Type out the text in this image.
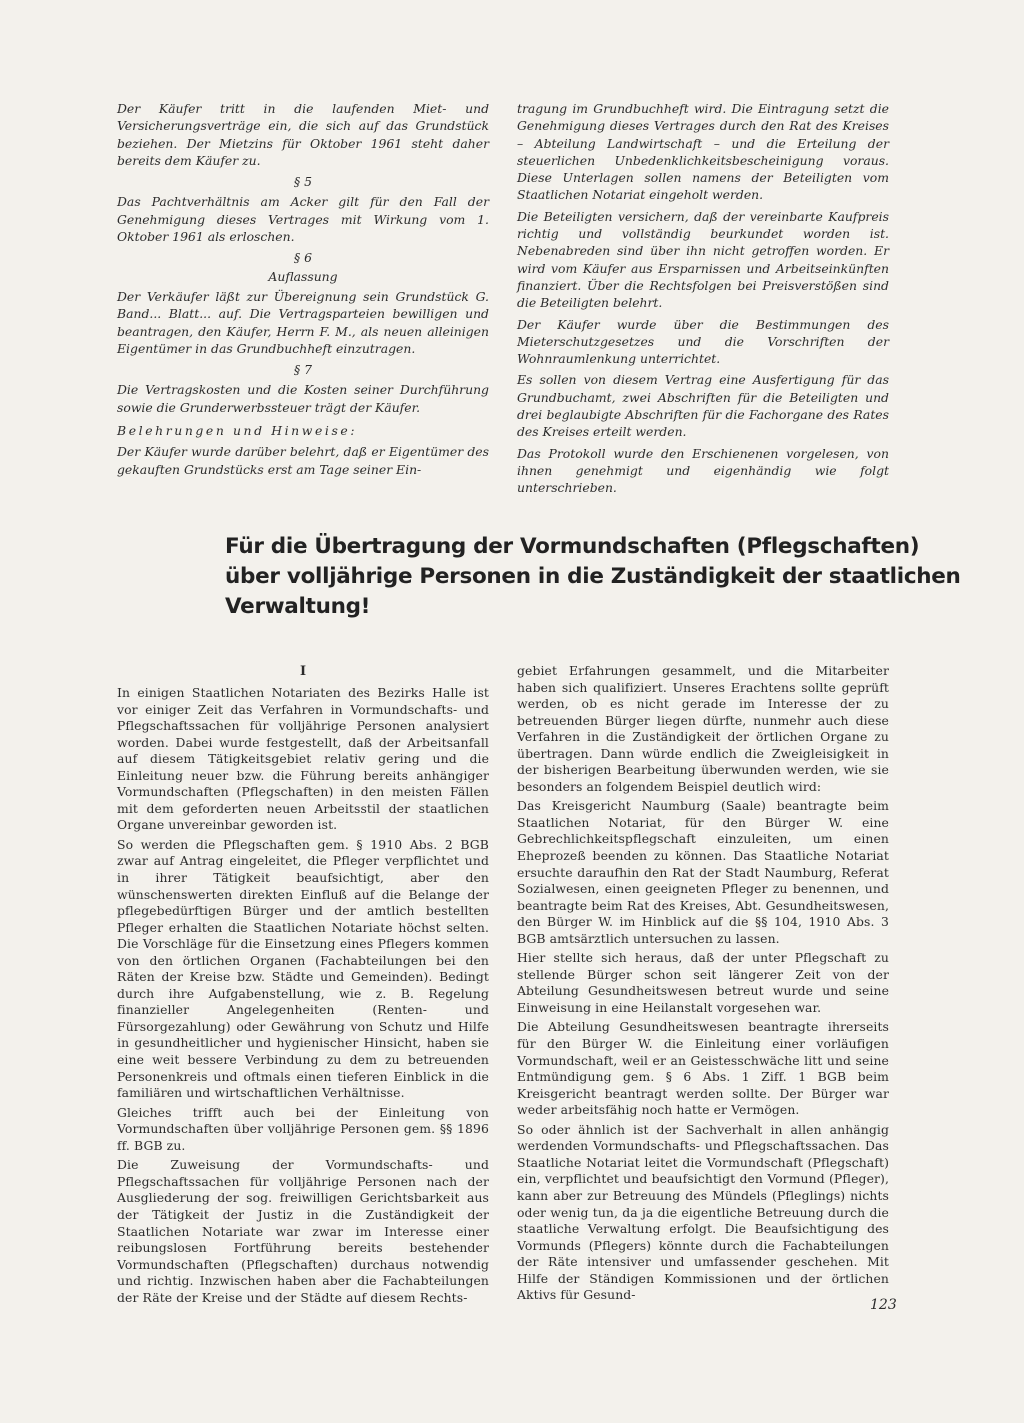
Der Käufer tritt in die laufenden Miet- und Versicherungsverträge ein, die sich auf das Grundstück beziehen. Der Mietzins für Oktober 1961 steht daher bereits dem Käufer zu.

§ 5

Das Pachtverhältnis am Acker gilt für den Fall der Genehmigung dieses Vertrages mit Wirkung vom 1. Oktober 1961 als erloschen.

§ 6

Auflassung

Der Verkäufer läßt zur Übereignung sein Grundstück G. Band... Blatt... auf. Die Vertragsparteien bewilligen und beantragen, den Käufer, Herrn F. M., als neuen alleinigen Eigentümer in das Grundbuchheft einzutragen.

§ 7

Die Vertragskosten und die Kosten seiner Durchführung sowie die Grunderwerbssteuer trägt der Käufer.

Belehrungen und Hinweise:

Der Käufer wurde darüber belehrt, daß er Eigentümer des gekauften Grundstücks erst am Tage seiner Ein-

tragung im Grundbuchheft wird. Die Eintragung setzt die Genehmigung dieses Vertrages durch den Rat des Kreises – Abteilung Landwirtschaft – und die Erteilung der steuerlichen Unbedenklichkeitsbescheinigung voraus. Diese Unterlagen sollen namens der Beteiligten vom Staatlichen Notariat eingeholt werden.

Die Beteiligten versichern, daß der vereinbarte Kaufpreis richtig und vollständig beurkundet worden ist. Nebenabreden sind über ihn nicht getroffen worden. Er wird vom Käufer aus Ersparnissen und Arbeitseinkünften finanziert. Über die Rechtsfolgen bei Preisverstößen sind die Beteiligten belehrt.

Der Käufer wurde über die Bestimmungen des Mieterschutzgesetzes und die Vorschriften der Wohnraumlenkung unterrichtet.

Es sollen von diesem Vertrag eine Ausfertigung für das Grundbuchamt, zwei Abschriften für die Beteiligten und drei beglaubigte Abschriften für die Fachorgane des Rates des Kreises erteilt werden.

Das Protokoll wurde den Erschienenen vorgelesen, von ihnen genehmigt und eigenhändig wie folgt unterschrieben.

Für die Übertragung der Vormundschaften (Pflegschaften) über volljährige Personen in die Zuständigkeit der staatlichen Verwaltung!
I

In einigen Staatlichen Notariaten des Bezirks Halle ist vor einiger Zeit das Verfahren in Vormundschafts- und Pflegschaftssachen für volljährige Personen analysiert worden. Dabei wurde festgestellt, daß der Arbeitsanfall auf diesem Tätigkeitsgebiet relativ gering und die Einleitung neuer bzw. die Führung bereits anhängiger Vormundschaften (Pflegschaften) in den meisten Fällen mit dem geforderten neuen Arbeitsstil der staatlichen Organe unvereinbar geworden ist.

So werden die Pflegschaften gem. § 1910 Abs. 2 BGB zwar auf Antrag eingeleitet, die Pfleger verpflichtet und in ihrer Tätigkeit beaufsichtigt, aber den wünschenswerten direkten Einfluß auf die Belange der pflegebedürftigen Bürger und der amtlich bestellten Pfleger erhalten die Staatlichen Notariate höchst selten. Die Vorschläge für die Einsetzung eines Pflegers kommen von den örtlichen Organen (Fachabteilungen bei den Räten der Kreise bzw. Städte und Gemeinden). Bedingt durch ihre Aufgabenstellung, wie z. B. Regelung finanzieller Angelegenheiten (Renten- und Fürsorgezahlung) oder Gewährung von Schutz und Hilfe in gesundheitlicher und hygienischer Hinsicht, haben sie eine weit bessere Verbindung zu dem zu betreuenden Personenkreis und oftmals einen tieferen Einblick in die familiären und wirtschaftlichen Verhältnisse.

Gleiches trifft auch bei der Einleitung von Vormundschaften über volljährige Personen gem. §§ 1896 ff. BGB zu.

Die Zuweisung der Vormundschafts- und Pflegschaftssachen für volljährige Personen nach der Ausgliederung der sog. freiwilligen Gerichtsbarkeit aus der Tätigkeit der Justiz in die Zuständigkeit der Staatlichen Notariate war zwar im Interesse einer reibungslosen Fortführung bereits bestehender Vormundschaften (Pflegschaften) durchaus notwendig und richtig. Inzwischen haben aber die Fachabteilungen der Räte der Kreise und der Städte auf diesem Rechts-

gebiet Erfahrungen gesammelt, und die Mitarbeiter haben sich qualifiziert. Unseres Erachtens sollte geprüft werden, ob es nicht gerade im Interesse der zu betreuenden Bürger liegen dürfte, nunmehr auch diese Verfahren in die Zuständigkeit der örtlichen Organe zu übertragen. Dann würde endlich die Zweigleisigkeit in der bisherigen Bearbeitung überwunden werden, wie sie besonders an folgendem Beispiel deutlich wird:

Das Kreisgericht Naumburg (Saale) beantragte beim Staatlichen Notariat, für den Bürger W. eine Gebrechlichkeitspflegschaft einzuleiten, um einen Eheprozeß beenden zu können. Das Staatliche Notariat ersuchte daraufhin den Rat der Stadt Naumburg, Referat Sozialwesen, einen geeigneten Pfleger zu benennen, und beantragte beim Rat des Kreises, Abt. Gesundheitswesen, den Bürger W. im Hinblick auf die §§ 104, 1910 Abs. 3 BGB amtsärztlich untersuchen zu lassen.

Hier stellte sich heraus, daß der unter Pflegschaft zu stellende Bürger schon seit längerer Zeit von der Abteilung Gesundheitswesen betreut wurde und seine Einweisung in eine Heilanstalt vorgesehen war.

Die Abteilung Gesundheitswesen beantragte ihrerseits für den Bürger W. die Einleitung einer vorläufigen Vormundschaft, weil er an Geistesschwäche litt und seine Entmündigung gem. § 6 Abs. 1 Ziff. 1 BGB beim Kreisgericht beantragt werden sollte. Der Bürger war weder arbeitsfähig noch hatte er Vermögen.

So oder ähnlich ist der Sachverhalt in allen anhängig werdenden Vormundschafts- und Pflegschaftssachen. Das Staatliche Notariat leitet die Vormundschaft (Pflegschaft) ein, verpflichtet und beaufsichtigt den Vormund (Pfleger), kann aber zur Betreuung des Mündels (Pfleglings) nichts oder wenig tun, da ja die eigentliche Betreuung durch die staatliche Verwaltung erfolgt. Die Beaufsichtigung des Vormunds (Pflegers) könnte durch die Fachabteilungen der Räte intensiver und umfassender geschehen. Mit Hilfe der Ständigen Kommissionen und der örtlichen Aktivs für Gesund-

123
